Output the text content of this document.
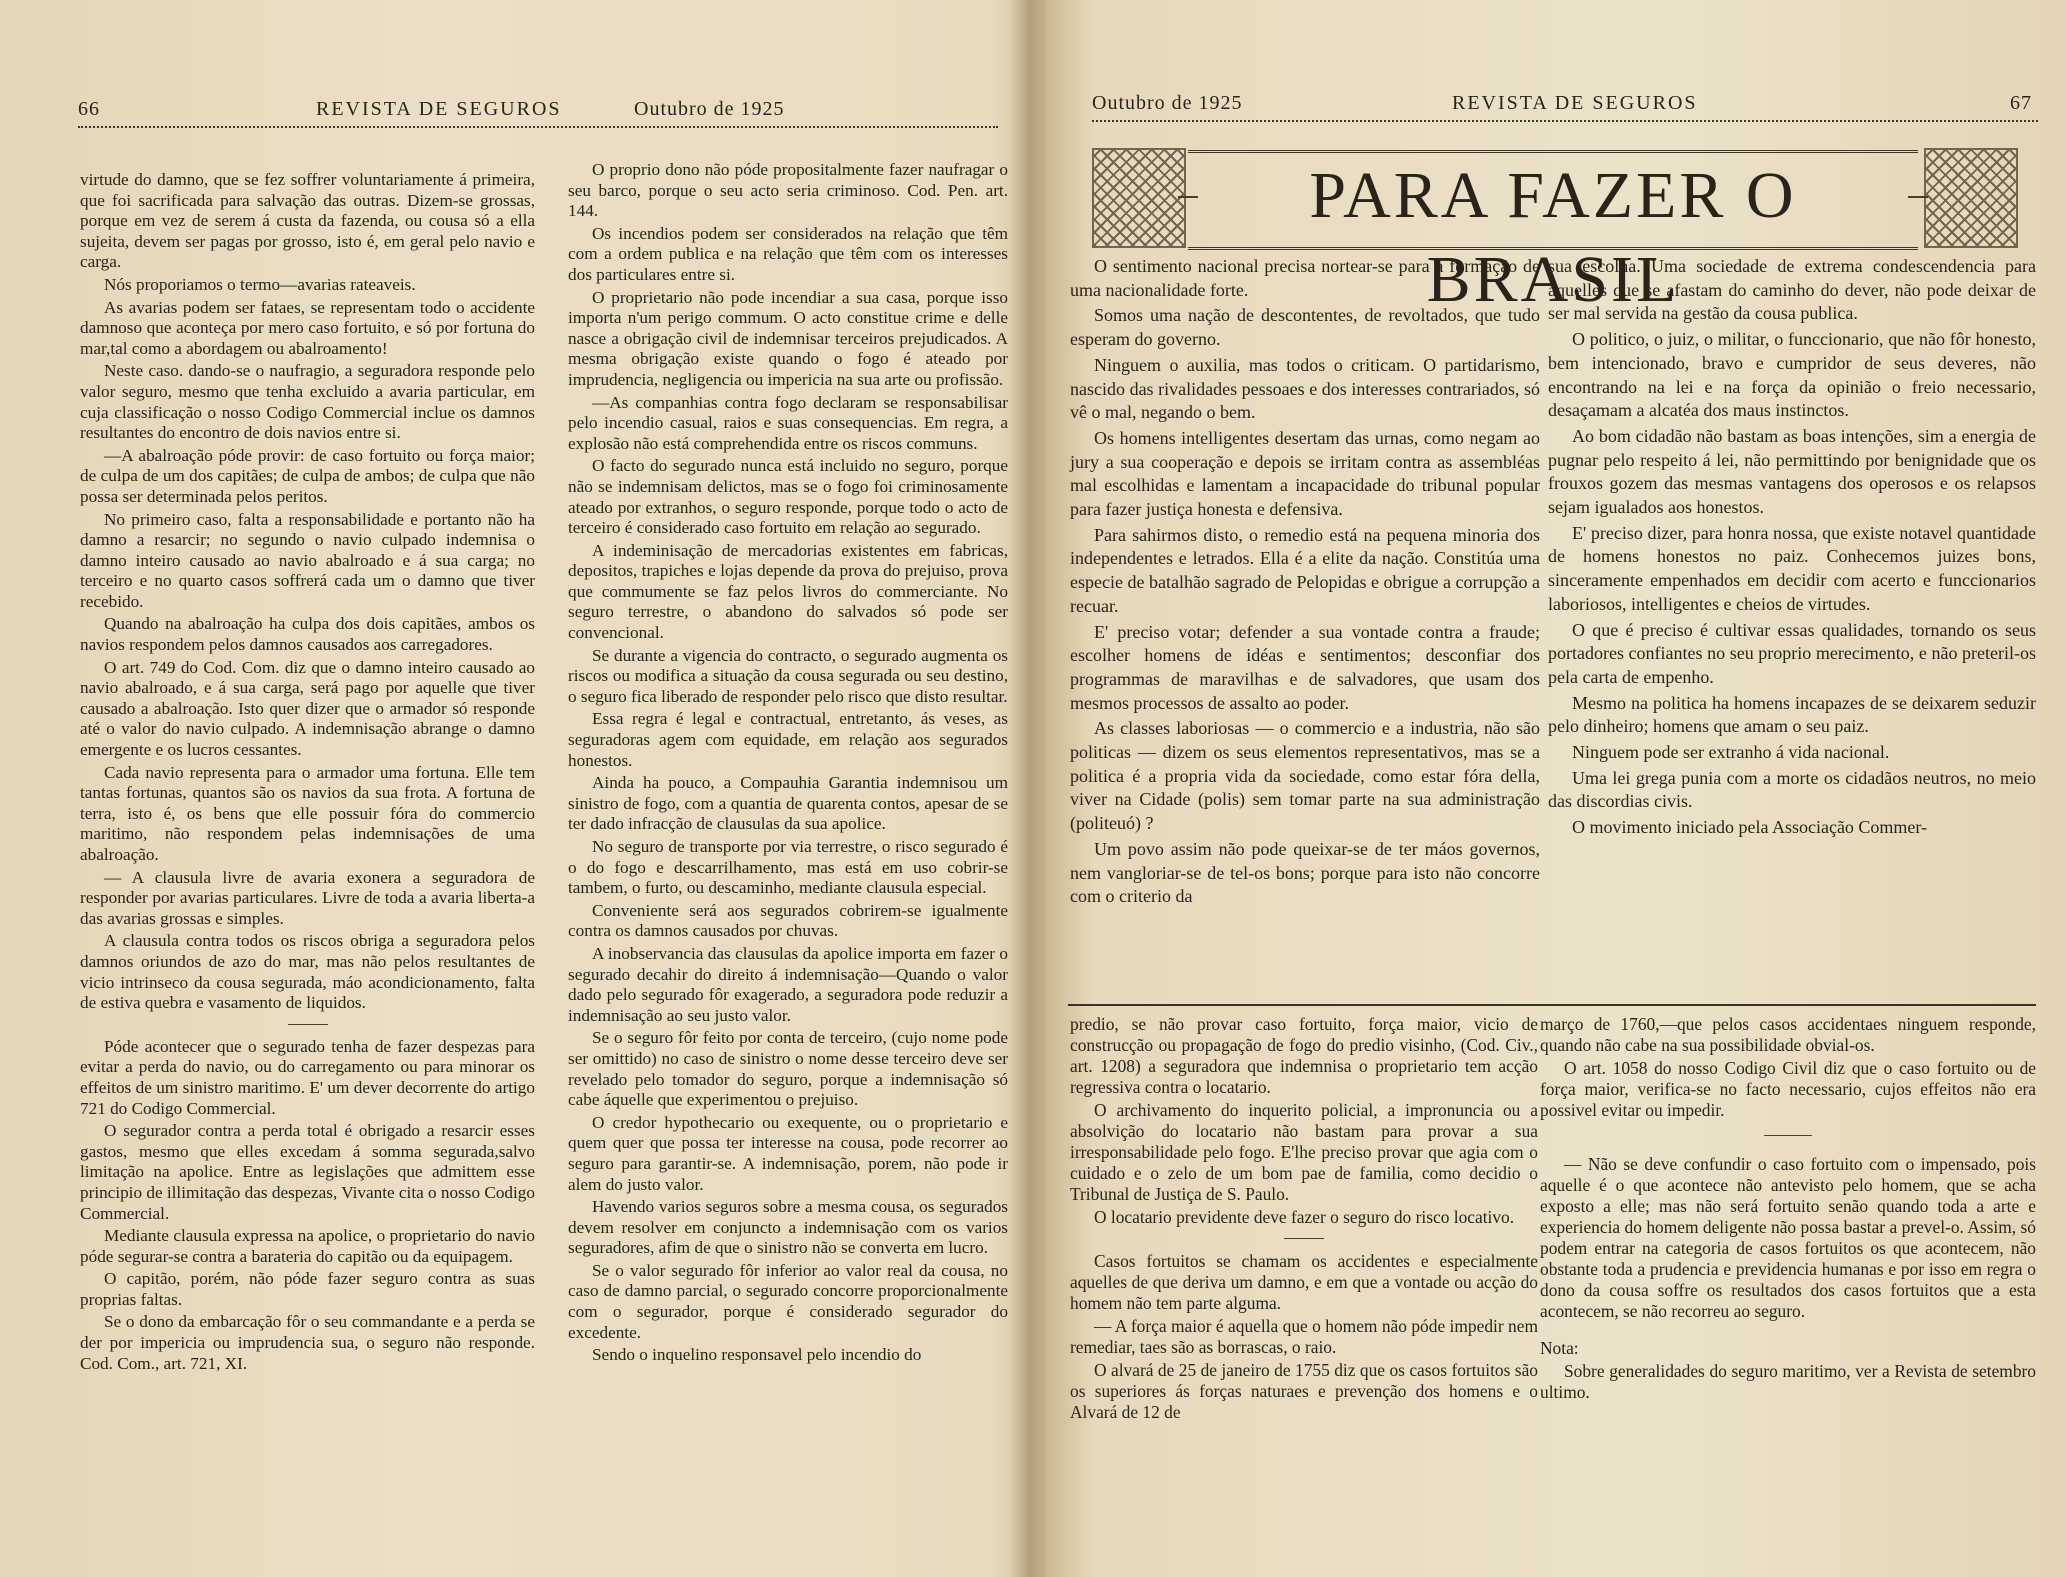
66	REVISTA DE SEGUROS	Outubro de 1925

virtude do damno, que se fez soffrer voluntariamente á primeira, que foi sacrificada para salvação das outras. Dizem-se grossas, porque em vez de serem á custa da fazenda, ou cousa só a ella sujeita, devem ser pagas por grosso, isto é, em geral pelo navio e carga.

Nós proporiamos o termo—avarias rateaveis.

As avarias podem ser fataes, se representam todo o accidente damnoso que aconteça por mero caso fortuito, e só por fortuna do mar,tal como a abordagem ou abalroamento!

Neste caso. dando-se o naufragio, a seguradora responde pelo valor seguro, mesmo que tenha excluido a avaria particular, em cuja classificação o nosso Codigo Commercial inclue os damnos resultantes do encontro de dois navios entre si.

—A abalroação póde provir: de caso fortuito ou força maior; de culpa de um dos capitães; de culpa de ambos; de culpa que não possa ser determinada pelos peritos.

No primeiro caso, falta a responsabilidade e portanto não ha damno a resarcir; no segundo o navio culpado indemnisa o damno inteiro causado ao navio abalroado e á sua carga; no terceiro e no quarto casos soffrerá cada um o damno que tiver recebido.

Quando na abalroação ha culpa dos dois capitães, ambos os navios respondem pelos damnos causados aos carregadores.

O art. 749 do Cod. Com. diz que o damno inteiro causado ao navio abalroado, e á sua carga, será pago por aquelle que tiver causado a abalroação. Isto quer dizer que o armador só responde até o valor do navio culpado. A indemnisação abrange o damno emergente e os lucros cessantes.

Cada navio representa para o armador uma fortuna. Elle tem tantas fortunas, quantos são os navios da sua frota. A fortuna de terra, isto é, os bens que elle possuir fóra do commercio maritimo, não respondem pelas indemnisações de uma abalroação.

— A clausula livre de avaria exonera a seguradora de responder por avarias particulares. Livre de toda a avaria liberta-a das avarias grossas e simples.

A clausula contra todos os riscos obriga a seguradora pelos damnos oriundos de azo do mar, mas não pelos resultantes de vicio intrinseco da cousa segurada, máo acondicionamento, falta de estiva quebra e vasamento de liquidos.

Póde acontecer que o segurado tenha de fazer despezas para evitar a perda do navio, ou do carregamento ou para minorar os effeitos de um sinistro maritimo. E' um dever decorrente do artigo 721 do Codigo Commercial.

O segurador contra a perda total é obrigado a resarcir esses gastos, mesmo que elles excedam á somma segurada,salvo limitação na apolice. Entre as legislações que admittem esse principio de illimitação das despezas, Vivante cita o nosso Codigo Commercial.

Mediante clausula expressa na apolice, o proprietario do navio póde segurar-se contra a barateria do capitão ou da equipagem.

O capitão, porém, não póde fazer seguro contra as suas proprias faltas.

Se o dono da embarcação fôr o seu commandante e a perda se der por impericia ou imprudencia sua, o seguro não responde. Cod. Com., art. 721, XI.

O proprio dono não póde propositalmente fazer naufragar o seu barco, porque o seu acto seria criminoso. Cod. Pen. art. 144.

Os incendios podem ser considerados na relação que têm com a ordem publica e na relação que têm com os interesses dos particulares entre si.

O proprietario não pode incendiar a sua casa, porque isso importa n'um perigo commum. O acto constitue crime e delle nasce a obrigação civil de indemnisar terceiros prejudicados. A mesma obrigação existe quando o fogo é ateado por imprudencia, negligencia ou impericia na sua arte ou profissão.

—As companhias contra fogo declaram se responsabilisar pelo incendio casual, raios e suas consequencias. Em regra, a explosão não está comprehendida entre os riscos communs.

O facto do segurado nunca está incluido no seguro, porque não se indemnisam delictos, mas se o fogo foi criminosamente ateado por extranhos, o seguro responde, porque todo o acto de terceiro é considerado caso fortuito em relação ao segurado.

A indeminisação de mercadorias existentes em fabricas, depositos, trapiches e lojas depende da prova do prejuiso, prova que commumente se faz pelos livros do commerciante. No seguro terrestre, o abandono do salvados só pode ser convencional.

Se durante a vigencia do contracto, o segurado augmenta os riscos ou modifica a situação da cousa segurada ou seu destino, o seguro fica liberado de responder pelo risco que disto resultar.

Essa regra é legal e contractual, entretanto, ás veses, as seguradoras agem com equidade, em relação aos segurados honestos.

Ainda ha pouco, a Compauhia Garantia indemnisou um sinistro de fogo, com a quantia de quarenta contos, apesar de se ter dado infracção de clausulas da sua apolice.

No seguro de transporte por via terrestre, o risco segurado é o do fogo e descarrilhamento, mas está em uso cobrir-se tambem, o furto, ou descaminho, mediante clausula especial.

Conveniente será aos segurados cobrirem-se igualmente contra os damnos causados por chuvas.

A inobservancia das clausulas da apolice importa em fazer o segurado decahir do direito á indemnisação—Quando o valor dado pelo segurado fôr exagerado, a seguradora pode reduzir a indemnisação ao seu justo valor.

Se o seguro fôr feito por conta de terceiro, (cujo nome pode ser omittido) no caso de sinistro o nome desse terceiro deve ser revelado pelo tomador do seguro, porque a indemnisação só cabe áquelle que experimentou o prejuiso.

O credor hypothecario ou exequente, ou o proprietario e quem quer que possa ter interesse na cousa, pode recorrer ao seguro para garantir-se. A indemnisação, porem, não pode ir alem do justo valor.

Havendo varios seguros sobre a mesma cousa, os segurados devem resolver em conjuncto a indemnisação com os varios seguradores, afim de que o sinistro não se converta em lucro.

Se o valor segurado fôr inferior ao valor real da cousa, no caso de damno parcial, o segurado concorre proporcionalmente com o segurador, porque é considerado segurador do excedente.

Sendo o inquelino responsavel pelo incendio do

Outubro de 1925	REVISTA DE SEGUROS	67
PARA FAZER O BRASIL

O sentimento nacional precisa nortear-se para a formação de uma nacionalidade forte.

Somos uma nação de descontentes, de revoltados, que tudo esperam do governo.

Ninguem o auxilia, mas todos o criticam. O partidarismo, nascido das rivalidades pessoaes e dos interesses contrariados, só vê o mal, negando o bem.

Os homens intelligentes desertam das urnas, como negam ao jury a sua cooperação e depois se irritam contra as assembléas mal escolhidas e lamentam a incapacidade do tribunal popular para fazer justiça honesta e defensiva.

Para sahirmos disto, o remedio está na pequena minoria dos independentes e letrados. Ella é a elite da nação. Constitúa uma especie de batalhão sagrado de Pelopidas e obrigue a corrupção a recuar.

E' preciso votar; defender a sua vontade contra a fraude; escolher homens de idéas e sentimentos; desconfiar dos programmas de maravilhas e de salvadores, que usam dos mesmos processos de assalto ao poder.

As classes laboriosas — o commercio e a industria, não são politicas — dizem os seus elementos representativos, mas se a politica é a propria vida da sociedade, como estar fóra della, viver na Cidade (polis) sem tomar parte na sua administração (politeuó) ?

Um povo assim não pode queixar-se de ter máos governos, nem vangloriar-se de tel-os bons; porque para isto não concorre com o criterio da

sua escolha. Uma sociedade de extrema condescendencia para aquelles que se afastam do caminho do dever, não pode deixar de ser mal servida na gestão da cousa publica.

O politico, o juiz, o militar, o funccionario, que não fôr honesto, bem intencionado, bravo e cumpridor de seus deveres, não encontrando na lei e na força da opinião o freio necessario, desaçamam a alcatéa dos maus instinctos.

Ao bom cidadão não bastam as boas intenções, sim a energia de pugnar pelo respeito á lei, não permittindo por benignidade que os frouxos gozem das mesmas vantagens dos operosos e os relapsos sejam igualados aos honestos.

E' preciso dizer, para honra nossa, que existe notavel quantidade de homens honestos no paiz. Conhecemos juizes bons, sinceramente empenhados em decidir com acerto e funccionarios laboriosos, intelligentes e cheios de virtudes.

O que é preciso é cultivar essas qualidades, tornando os seus portadores confiantes no seu proprio merecimento, e não preteril-os pela carta de empenho.

Mesmo na politica ha homens incapazes de se deixarem seduzir pelo dinheiro; homens que amam o seu paiz.

Ninguem pode ser extranho á vida nacional.

Uma lei grega punia com a morte os cidadãos neutros, no meio das discordias civis.

O movimento iniciado pela Associação Commer-

predio, se não provar caso fortuito, força maior, vicio de construcção ou propagação de fogo do predio visinho, (Cod. Civ., art. 1208) a seguradora que indemnisa o proprietario tem acção regressiva contra o locatario.

O archivamento do inquerito policial, a impronuncia ou a absolvição do locatario não bastam para provar a sua irresponsabilidade pelo fogo. E'lhe preciso provar que agia com o cuidado e o zelo de um bom pae de familia, como decidio o Tribunal de Justiça de S. Paulo.

O locatario previdente deve fazer o seguro do risco locativo.

Casos fortuitos se chamam os accidentes e especialmente aquelles de que deriva um damno, e em que a vontade ou acção do homem não tem parte alguma.

— A força maior é aquella que o homem não póde impedir nem remediar, taes são as borrascas, o raio.

O alvará de 25 de janeiro de 1755 diz que os casos fortuitos são os superiores ás forças naturaes e prevenção dos homens e o Alvará de 12 de

março de 1760,—que pelos casos accidentaes ninguem responde, quando não cabe na sua possibilidade obvial-os.

O art. 1058 do nosso Codigo Civil diz que o caso fortuito ou de força maior, verifica-se no facto necessario, cujos effeitos não era possivel evitar ou impedir.

— Não se deve confundir o caso fortuito com o impensado, pois aquelle é o que acontece não antevisto pelo homem, que se acha exposto a elle; mas não será fortuito senão quando toda a arte e experiencia do homem deligente não possa bastar a prevel-o. Assim, só podem entrar na categoria de casos fortuitos os que acontecem, não obstante toda a prudencia e previdencia humanas e por isso em regra o dono da cousa soffre os resultados dos casos fortuitos que a esta acontecem, se não recorreu ao seguro.

Nota:

Sobre generalidades do seguro maritimo, ver a Revista de setembro ultimo.
